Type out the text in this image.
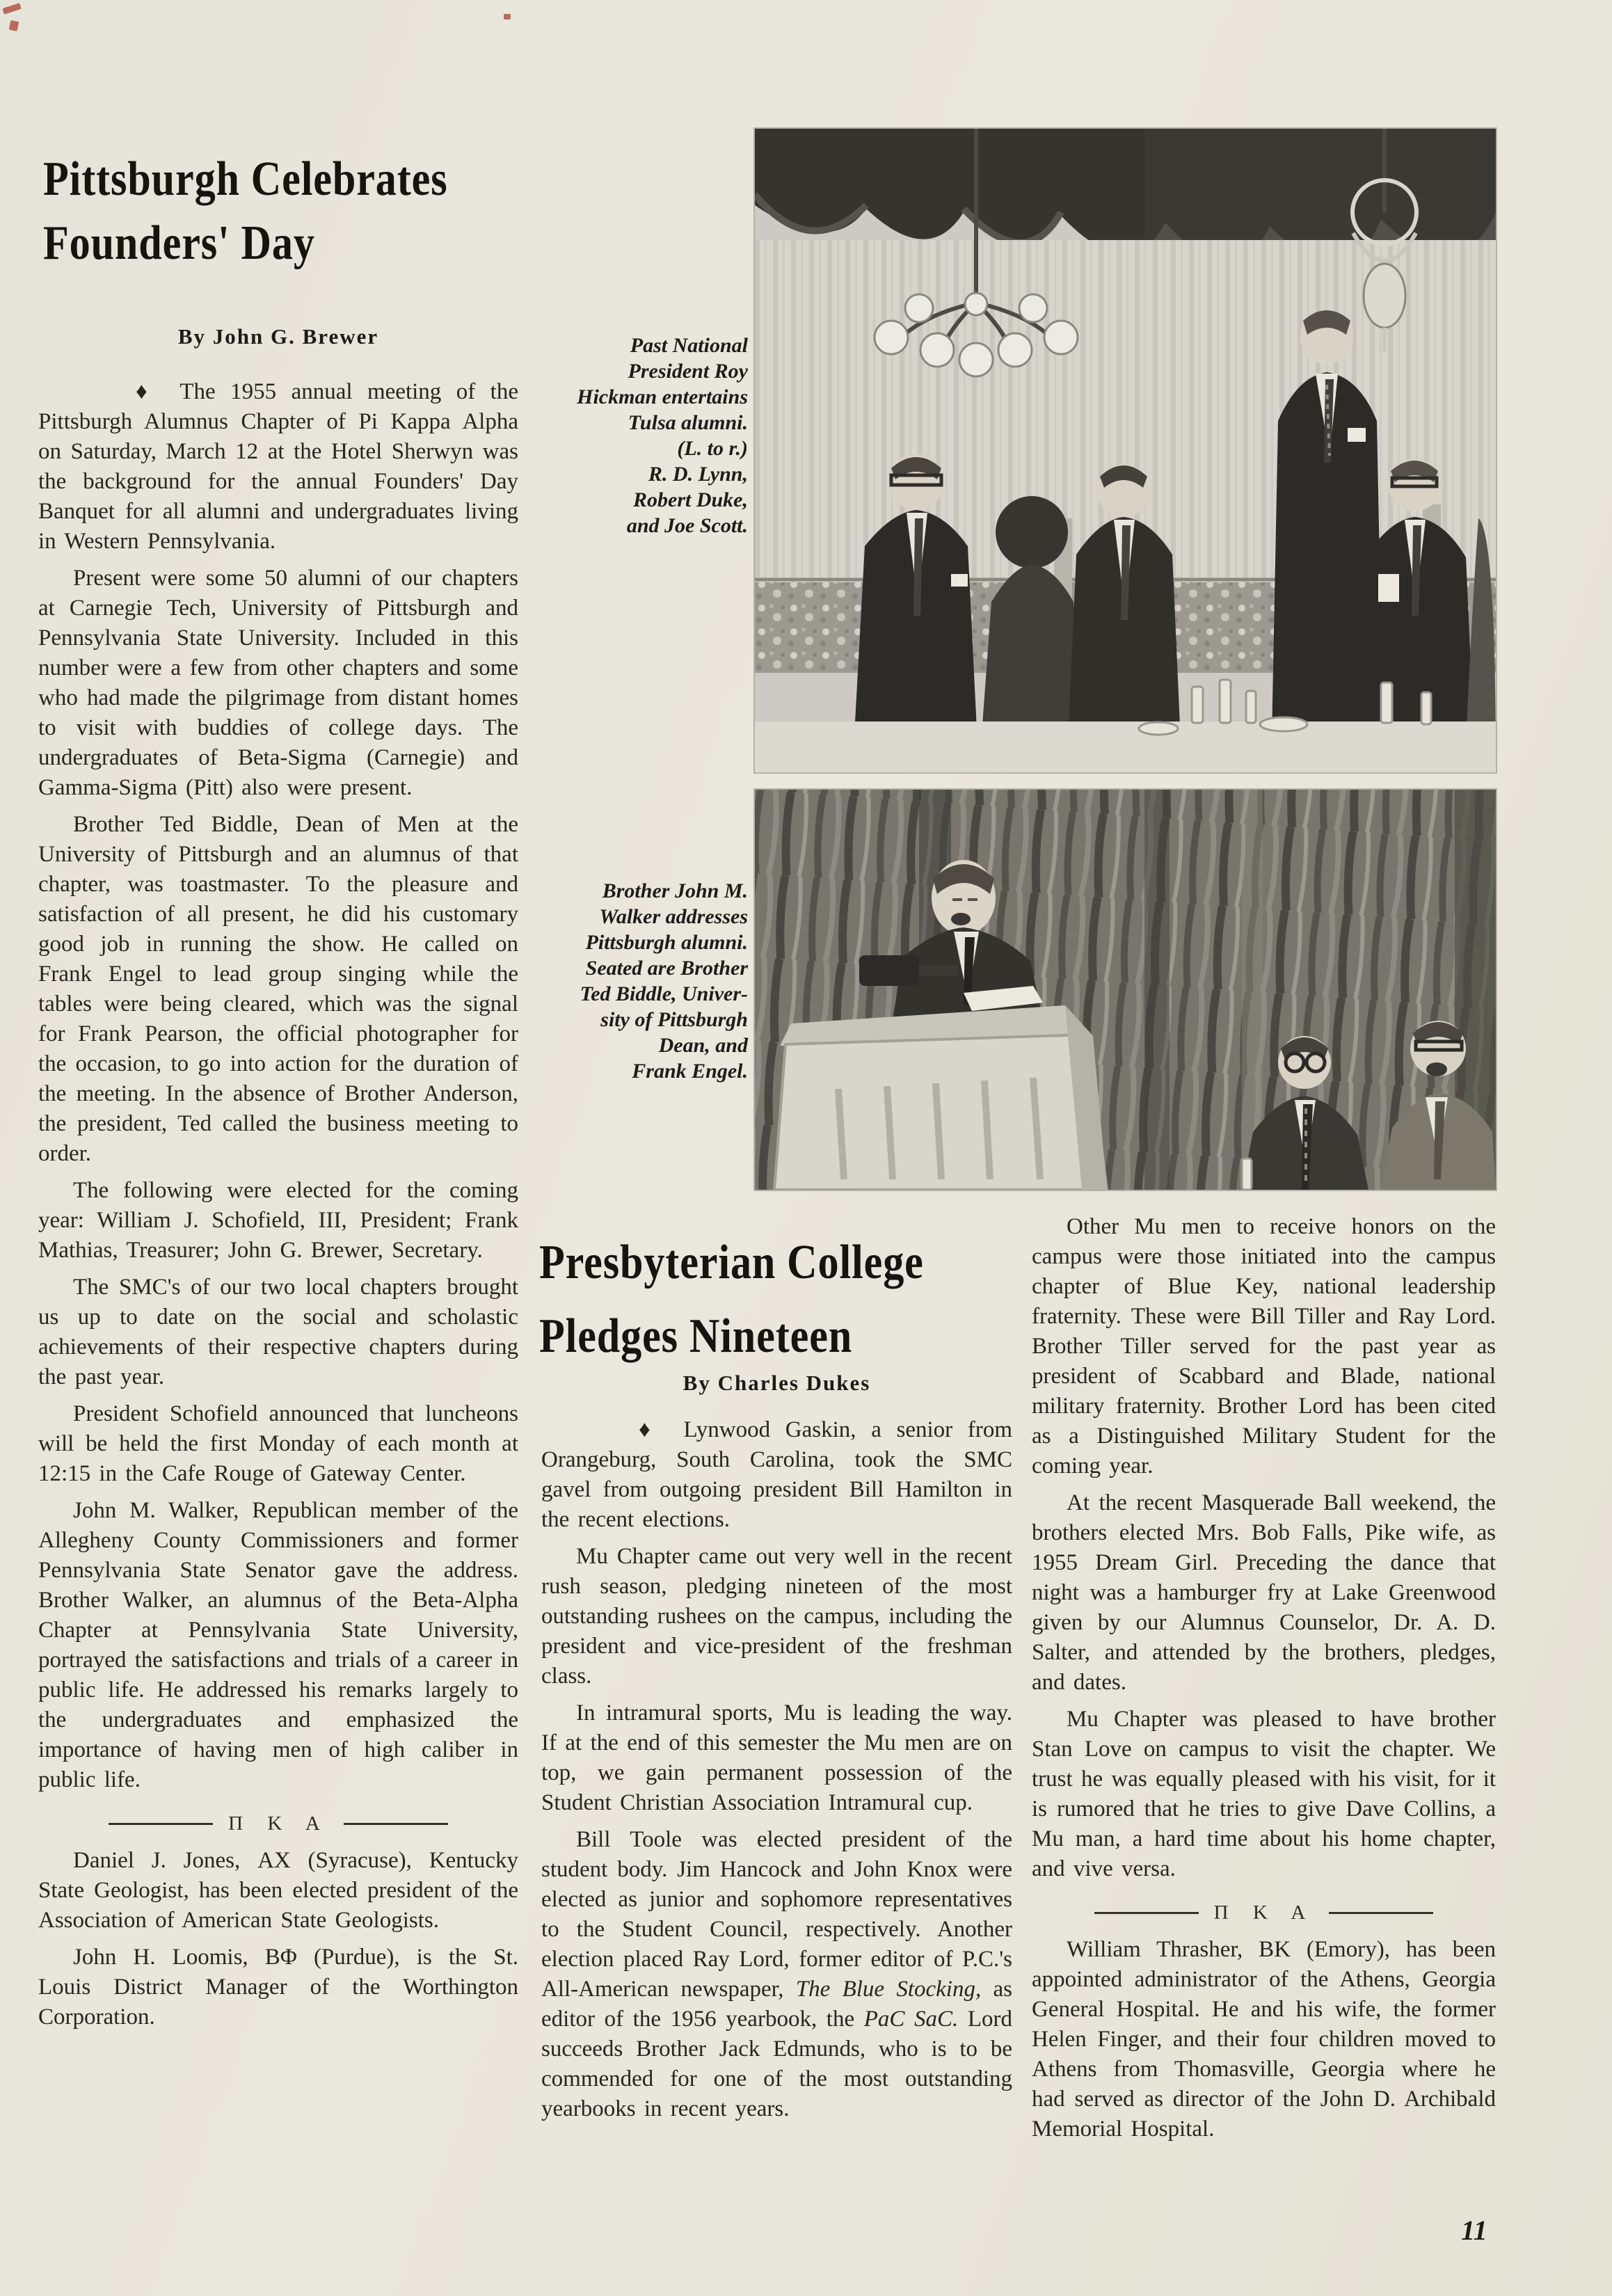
Pittsburgh Celebrates
Founders' Day
By John G. Brewer

♦  The 1955 annual meeting of the Pittsburgh Alumnus Chapter of Pi Kappa Alpha on Saturday, March 12 at the Hotel Sherwyn was the background for the annual Founders' Day Banquet for all alumni and undergraduates living in Western Pennsylvania.

Present were some 50 alumni of our chapters at Carnegie Tech, University of Pittsburgh and Pennsylvania State University. Included in this number were a few from other chapters and some who had made the pilgrimage from distant homes to visit with buddies of college days. The undergraduates of Beta-Sigma (Carnegie) and Gamma-Sigma (Pitt) also were present.

Brother Ted Biddle, Dean of Men at the University of Pittsburgh and an alumnus of that chapter, was toastmaster. To the pleasure and satisfaction of all present, he did his customary good job in running the show. He called on Frank Engel to lead group singing while the tables were being cleared, which was the signal for Frank Pearson, the official photographer for the occasion, to go into action for the duration of the meeting. In the absence of Brother Anderson, the president, Ted called the business meeting to order.

The following were elected for the coming year: William J. Schofield, III, President; Frank Mathias, Treasurer; John G. Brewer, Secretary.

The SMC's of our two local chapters brought us up to date on the social and scholastic achievements of their respective chapters during the past year.

President Schofield announced that luncheons will be held the first Monday of each month at 12:15 in the Cafe Rouge of Gateway Center.

John M. Walker, Republican member of the Allegheny County Commissioners and former Pennsylvania State Senator gave the address. Brother Walker, an alumnus of the Beta-Alpha Chapter at Pennsylvania State University, portrayed the satisfactions and trials of a career in public life. He addressed his remarks largely to the undergraduates and emphasized the importance of having men of high caliber in public life.

Π Κ Α

Daniel J. Jones, ΑΧ (Syracuse), Kentucky State Geologist, has been elected president of the Association of American State Geologists.

John H. Loomis, ΒΦ (Purdue), is the St. Louis District Manager of the Worthington Corporation.

Past National

President Roy

Hickman entertains

Tulsa alumni.

(L. to r.)

R. D. Lynn,

Robert Duke,

and Joe Scott.

Brother John M.

Walker addresses

Pittsburgh alumni.

Seated are Brother

Ted Biddle, Univer-

sity of Pittsburgh

Dean, and

Frank Engel.

Presbyterian College
Pledges Nineteen
By Charles Dukes

♦  Lynwood Gaskin, a senior from Orangeburg, South Carolina, took the SMC gavel from outgoing president Bill Hamilton in the recent elections.

Mu Chapter came out very well in the recent rush season, pledging nineteen of the most outstanding rushees on the campus, including the president and vice-president of the freshman class.

In intramural sports, Mu is leading the way. If at the end of this semester the Mu men are on top, we gain permanent possession of the Student Christian Association Intramural cup.

Bill Toole was elected president of the student body. Jim Hancock and John Knox were elected as junior and sophomore representatives to the Student Council, respectively. Another election placed Ray Lord, former editor of P.C.'s All-American newspaper, The Blue Stocking, as editor of the 1956 yearbook, the PaC SaC. Lord succeeds Brother Jack Edmunds, who is to be commended for one of the most outstanding yearbooks in recent years.

Other Mu men to receive honors on the campus were those initiated into the campus chapter of Blue Key, national leadership fraternity. These were Bill Tiller and Ray Lord. Brother Tiller served for the past year as president of Scabbard and Blade, national military fraternity. Brother Lord has been cited as a Distinguished Military Student for the coming year.

At the recent Masquerade Ball weekend, the brothers elected Mrs. Bob Falls, Pike wife, as 1955 Dream Girl. Preceding the dance that night was a hamburger fry at Lake Greenwood given by our Alumnus Counselor, Dr. A. D. Salter, and attended by the brothers, pledges, and dates.

Mu Chapter was pleased to have brother Stan Love on campus to visit the chapter. We trust he was equally pleased with his visit, for it is rumored that he tries to give Dave Collins, a Mu man, a hard time about his home chapter, and vive versa.

Π Κ Α

William Thrasher, ΒΚ (Emory), has been appointed administrator of the Athens, Georgia General Hospital. He and his wife, the former Helen Finger, and their four children moved to Athens from Thomasville, Georgia where he had served as director of the John D. Archibald Memorial Hospital.

11
